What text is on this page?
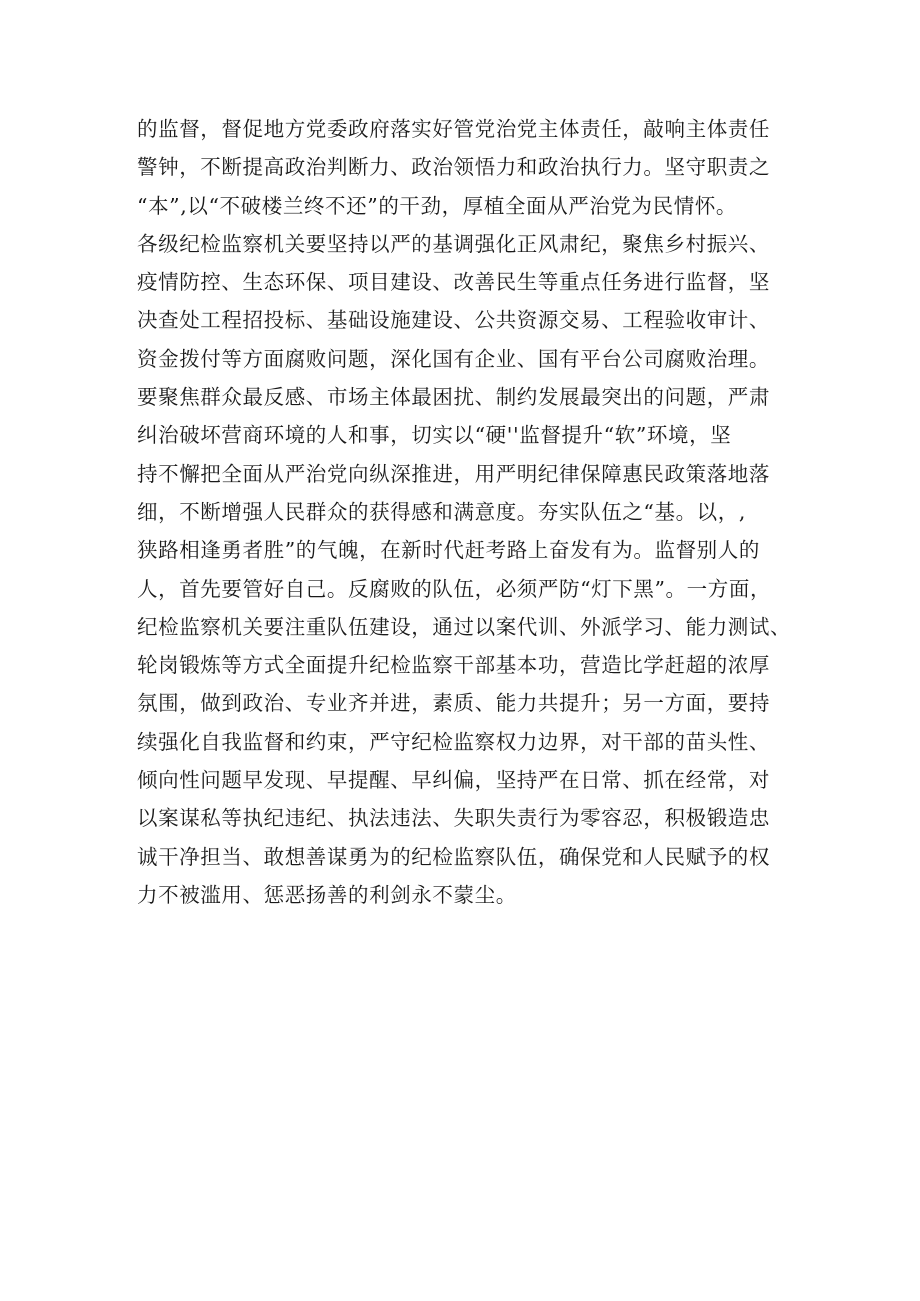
的监督，督促地方党委政府落实好管党治党主体责任，敲响主体责任
警钟，不断提高政治判断力、政治领悟力和政治执行力。坚守职责之
“本”,以“不破楼兰终不还”的干劲，厚植全面从严治党为民情怀。
各级纪检监察机关要坚持以严的基调强化正风肃纪，聚焦乡村振兴、
疫情防控、生态环保、项目建设、改善民生等重点任务进行监督，坚
决查处工程招投标、基础设施建设、公共资源交易、工程验收审计、
资金拨付等方面腐败问题，深化国有企业、国有平台公司腐败治理。
要聚焦群众最反感、市场主体最困扰、制约发展最突出的问题，严肃
纠治破坏营商环境的人和事，切实以“硬''监督提升“软”环境，坚
持不懈把全面从严治党向纵深推进，用严明纪律保障惠民政策落地落
细，不断增强人民群众的获得感和满意度。夯实队伍之“基。以，,
狭路相逢勇者胜”的气魄，在新时代赶考路上奋发有为。监督别人的
人，首先要管好自己。反腐败的队伍，必须严防“灯下黑”。一方面，
纪检监察机关要注重队伍建设，通过以案代训、外派学习、能力测试、
轮岗锻炼等方式全面提升纪检监察干部基本功，营造比学赶超的浓厚
氛围，做到政治、专业齐并进，素质、能力共提升；另一方面，要持
续强化自我监督和约束，严守纪检监察权力边界，对干部的苗头性、
倾向性问题早发现、早提醒、早纠偏，坚持严在日常、抓在经常，对
以案谋私等执纪违纪、执法违法、失职失责行为零容忍，积极锻造忠
诚干净担当、敢想善谋勇为的纪检监察队伍，确保党和人民赋予的权
力不被滥用、惩恶扬善的利剑永不蒙尘。
